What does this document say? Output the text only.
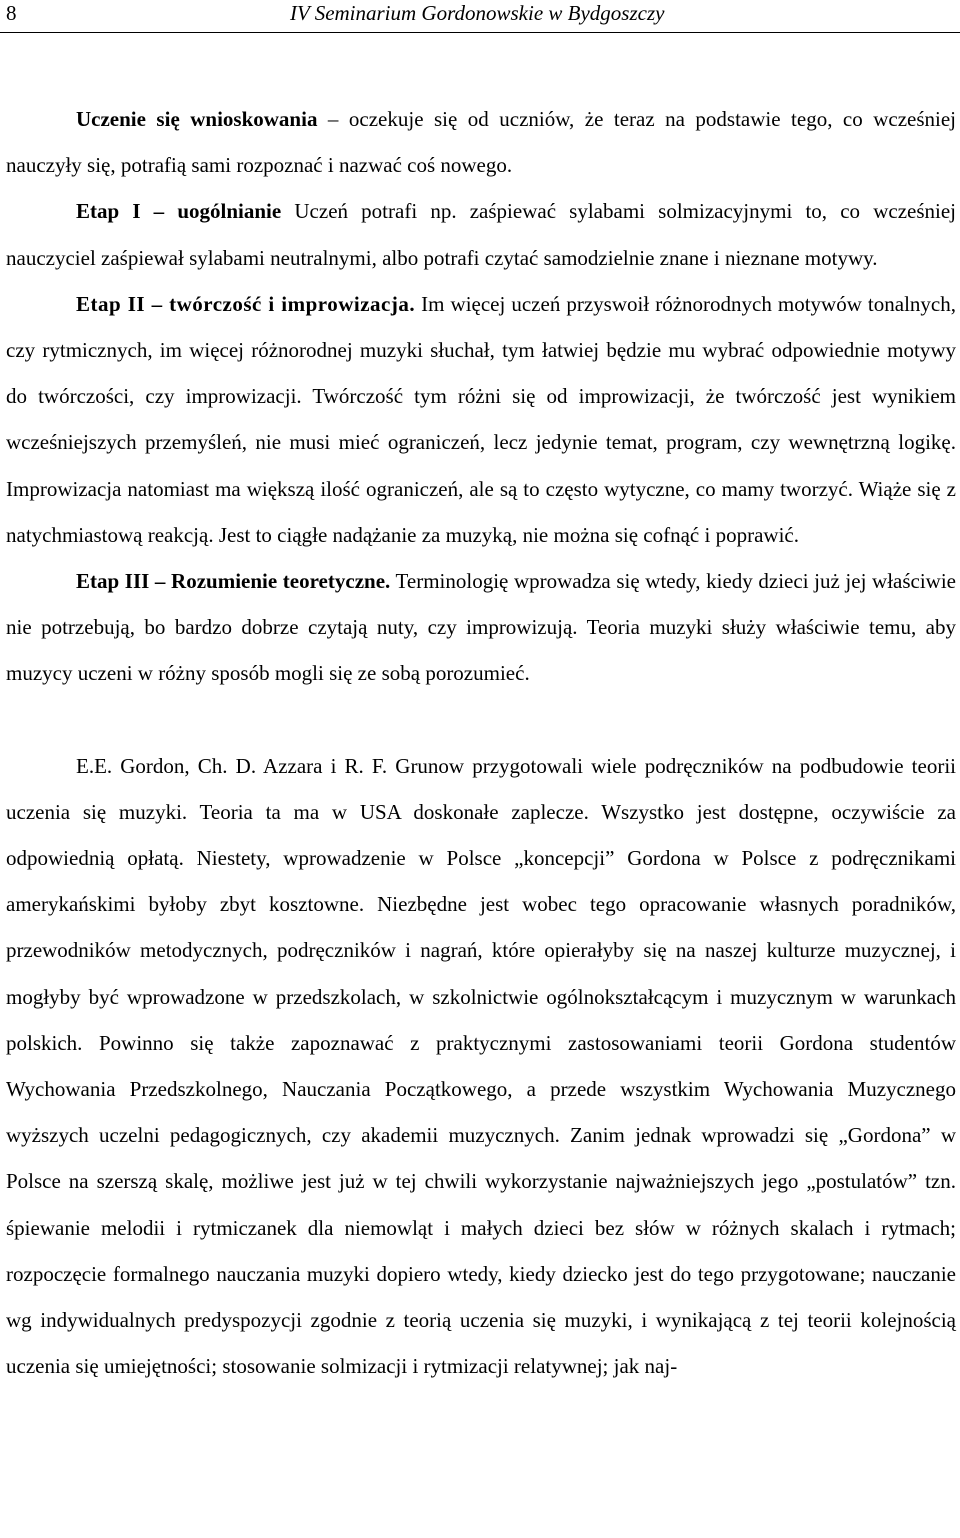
8	IV Seminarium Gordonowskie w Bydgoszczy

Uczenie się wnioskowania – oczekuje się od uczniów, że teraz na podstawie tego, co wcześniej nauczyły się, potrafią sami rozpoznać i nazwać coś nowego.

Etap I – uogólnianie Uczeń potrafi np. zaśpiewać sylabami solmizacyjnymi to, co wcześniej nauczyciel zaśpiewał sylabami neutralnymi, albo potrafi czytać samodzielnie znane i nieznane motywy.

Etap II – twórczość i improwizacja. Im więcej uczeń przyswoił różnorodnych motywów tonalnych, czy rytmicznych, im więcej różnorodnej muzyki słuchał, tym łatwiej będzie mu wybrać odpowiednie motywy do twórczości, czy improwizacji. Twórczość tym różni się od improwizacji, że twórczość jest wynikiem wcześniejszych przemyśleń, nie musi mieć ograniczeń, lecz jedynie temat, program, czy wewnętrzną logikę. Improwizacja natomiast ma większą ilość ograniczeń, ale są to często wytyczne, co mamy tworzyć. Wiąże się z natychmiastową reakcją. Jest to ciągłe nadążanie za muzyką, nie można się cofnąć i poprawić.

Etap III – Rozumienie teoretyczne. Terminologię wprowadza się wtedy, kiedy dzieci już jej właściwie nie potrzebują, bo bardzo dobrze czytają nuty, czy improwizują. Teoria muzyki służy właściwie temu, aby muzycy uczeni w różny sposób mogli się ze sobą porozumieć.

E.E. Gordon, Ch. D. Azzara i R. F. Grunow przygotowali wiele podręczników na podbudowie teorii uczenia się muzyki. Teoria ta ma w USA doskonałe zaplecze. Wszystko jest dostępne, oczywiście za odpowiednią opłatą. Niestety, wprowadzenie w Polsce „koncepcji” Gordona w Polsce z podręcznikami amerykańskimi byłoby zbyt kosztowne. Niezbędne jest wobec tego opracowanie własnych poradników, przewodników metodycznych, podręczników i nagrań, które opierałyby się na naszej kulturze muzycznej, i mogłyby być wprowadzone w przedszkolach, w szkolnictwie ogólnokształcącym i muzycznym w warunkach polskich. Powinno się także zapoznawać z praktycznymi zastosowaniami teorii Gordona studentów Wychowania Przedszkolnego, Nauczania Początkowego, a przede wszystkim Wychowania Muzycznego wyższych uczelni pedagogicznych, czy akademii muzycznych. Zanim jednak wprowadzi się „Gordona” w Polsce na szerszą skalę, możliwe jest już w tej chwili wykorzystanie najważniejszych jego „postulatów” tzn. śpiewanie melodii i rytmiczanek dla niemowląt i małych dzieci bez słów w różnych skalach i rytmach; rozpoczęcie formalnego nauczania muzyki dopiero wtedy, kiedy dziecko jest do tego przygotowane; nauczanie wg indywidualnych predyspozycji zgodnie z teorią uczenia się muzyki, i wynikającą z tej teorii kolejnością uczenia się umiejętności; stosowanie solmizacji i rytmizacji relatywnej; jak naj-
